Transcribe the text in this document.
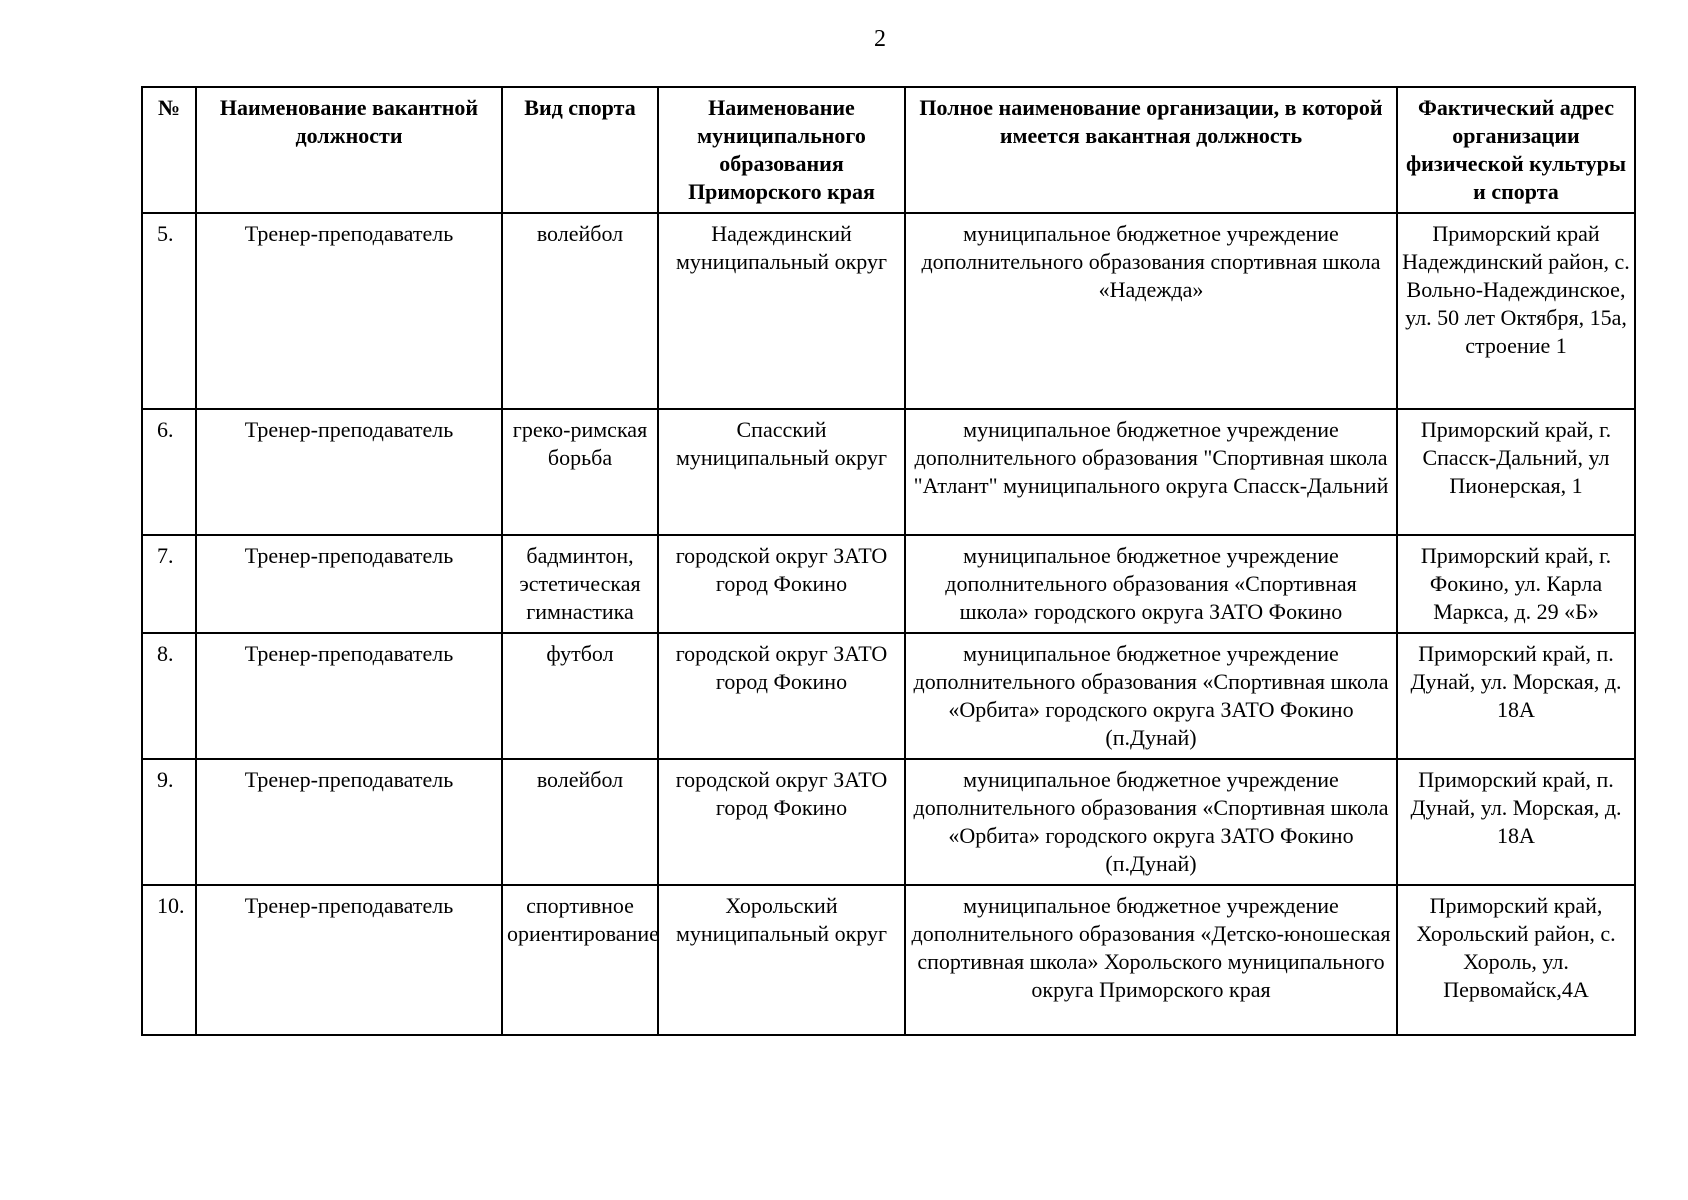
2
№	Наименование вакантной должности	Вид спорта	Наименование муниципального образования Приморского края	Полное наименование организации, в которой имеется вакантная должность	Фактический адрес организации физической культуры и спорта
5.	Тренер-преподаватель	волейбол	Надеждинский муниципальный округ	муниципальное бюджетное учреждение дополнительного образования спортивная школа «Надежда»	Приморский край Надеждинский район, с. Вольно-Надеждинское, ул. 50 лет Октября, 15а, строение 1
6.	Тренер-преподаватель	греко-римская борьба	Спасский муниципальный округ	муниципальное бюджетное учреждение дополнительного образования "Спортивная школа "Атлант" муниципального округа Спасск-Дальний	Приморский край, г. Спасск-Дальний, ул Пионерская, 1
7.	Тренер-преподаватель	бадминтон, эстетическая гимнастика	городской округ ЗАТО город Фокино	муниципальное бюджетное учреждение дополнительного образования «Спортивная школа» городского округа ЗАТО Фокино	Приморский край, г. Фокино, ул. Карла Маркса, д. 29 «Б»
8.	Тренер-преподаватель	футбол	городской округ ЗАТО город Фокино	муниципальное бюджетное учреждение дополнительного образования «Спортивная школа «Орбита» городского округа ЗАТО Фокино (п.Дунай)	Приморский край, п. Дунай, ул. Морская, д. 18А
9.	Тренер-преподаватель	волейбол	городской округ ЗАТО город Фокино	муниципальное бюджетное учреждение дополнительного образования «Спортивная школа «Орбита» городского округа ЗАТО Фокино (п.Дунай)	Приморский край, п. Дунай, ул. Морская, д. 18А
10.	Тренер-преподаватель	спортивное ориентирование	Хорольский муниципальный округ	муниципальное бюджетное учреждение дополнительного образования «Детско-юношеская спортивная школа» Хорольского муниципального округа Приморского края	Приморский край, Хорольский район, с. Хороль, ул. Первомайск,4А
